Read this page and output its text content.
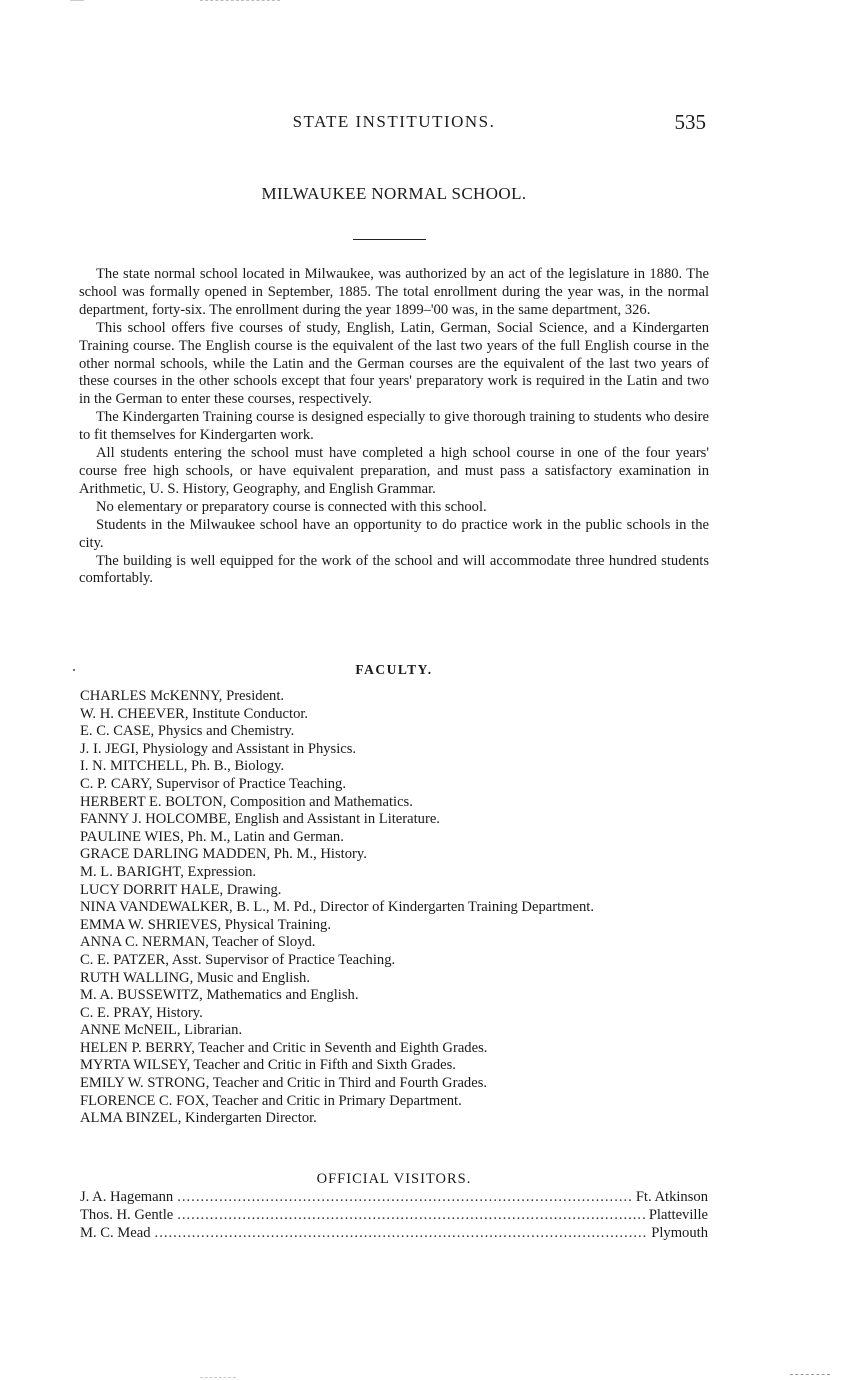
STATE INSTITUTIONS.	535
MILWAUKEE NORMAL SCHOOL.

The state normal school located in Milwaukee, was authorized by an act of the legislature in 1880. The school was formally opened in September, 1885. The total enrollment during the year was, in the normal department, forty-six. The enrollment during the year 1899–'00 was, in the same department, 326.

This school offers five courses of study, English, Latin, German, Social Science, and a Kindergarten Training course. The English course is the equivalent of the last two years of the full English course in the other normal schools, while the Latin and the German courses are the equivalent of the last two years of these courses in the other schools except that four years' preparatory work is required in the Latin and two in the German to enter these courses, respectively.

The Kindergarten Training course is designed especially to give thorough training to students who desire to fit themselves for Kindergarten work.

All students entering the school must have completed a high school course in one of the four years' course free high schools, or have equivalent preparation, and must pass a satisfactory examination in Arithmetic, U. S. History, Geography, and English Grammar.

No elementary or preparatory course is connected with this school.

Students in the Milwaukee school have an opportunity to do practice work in the public schools in the city.

The building is well equipped for the work of the school and will accommodate three hundred students comfortably.

FACULTY.
CHARLES McKENNY, President.
W. H. CHEEVER, Institute Conductor.
E. C. CASE, Physics and Chemistry.
J. I. JEGI, Physiology and Assistant in Physics.
I. N. MITCHELL, Ph. B., Biology.
C. P. CARY, Supervisor of Practice Teaching.
HERBERT E. BOLTON, Composition and Mathematics.
FANNY J. HOLCOMBE, English and Assistant in Literature.
PAULINE WIES, Ph. M., Latin and German.
GRACE DARLING MADDEN, Ph. M., History.
M. L. BARIGHT, Expression.
LUCY DORRIT HALE, Drawing.
NINA VANDEWALKER, B. L., M. Pd., Director of Kindergarten Training Department.
EMMA W. SHRIEVES, Physical Training.
ANNA C. NERMAN, Teacher of Sloyd.
C. E. PATZER, Asst. Supervisor of Practice Teaching.
RUTH WALLING, Music and English.
M. A. BUSSEWITZ, Mathematics and English.
C. E. PRAY, History.
ANNE McNEIL, Librarian.
HELEN P. BERRY, Teacher and Critic in Seventh and Eighth Grades.
MYRTA WILSEY, Teacher and Critic in Fifth and Sixth Grades.
EMILY W. STRONG, Teacher and Critic in Third and Fourth Grades.
FLORENCE C. FOX, Teacher and Critic in Primary Department.
ALMA BINZEL, Kindergarten Director.
OFFICIAL VISITORS.
J. A. Hagemann .....	Ft. Atkinson
Thos. H. Gentle .....	Platteville
M. C. Mead .....	Plymouth
